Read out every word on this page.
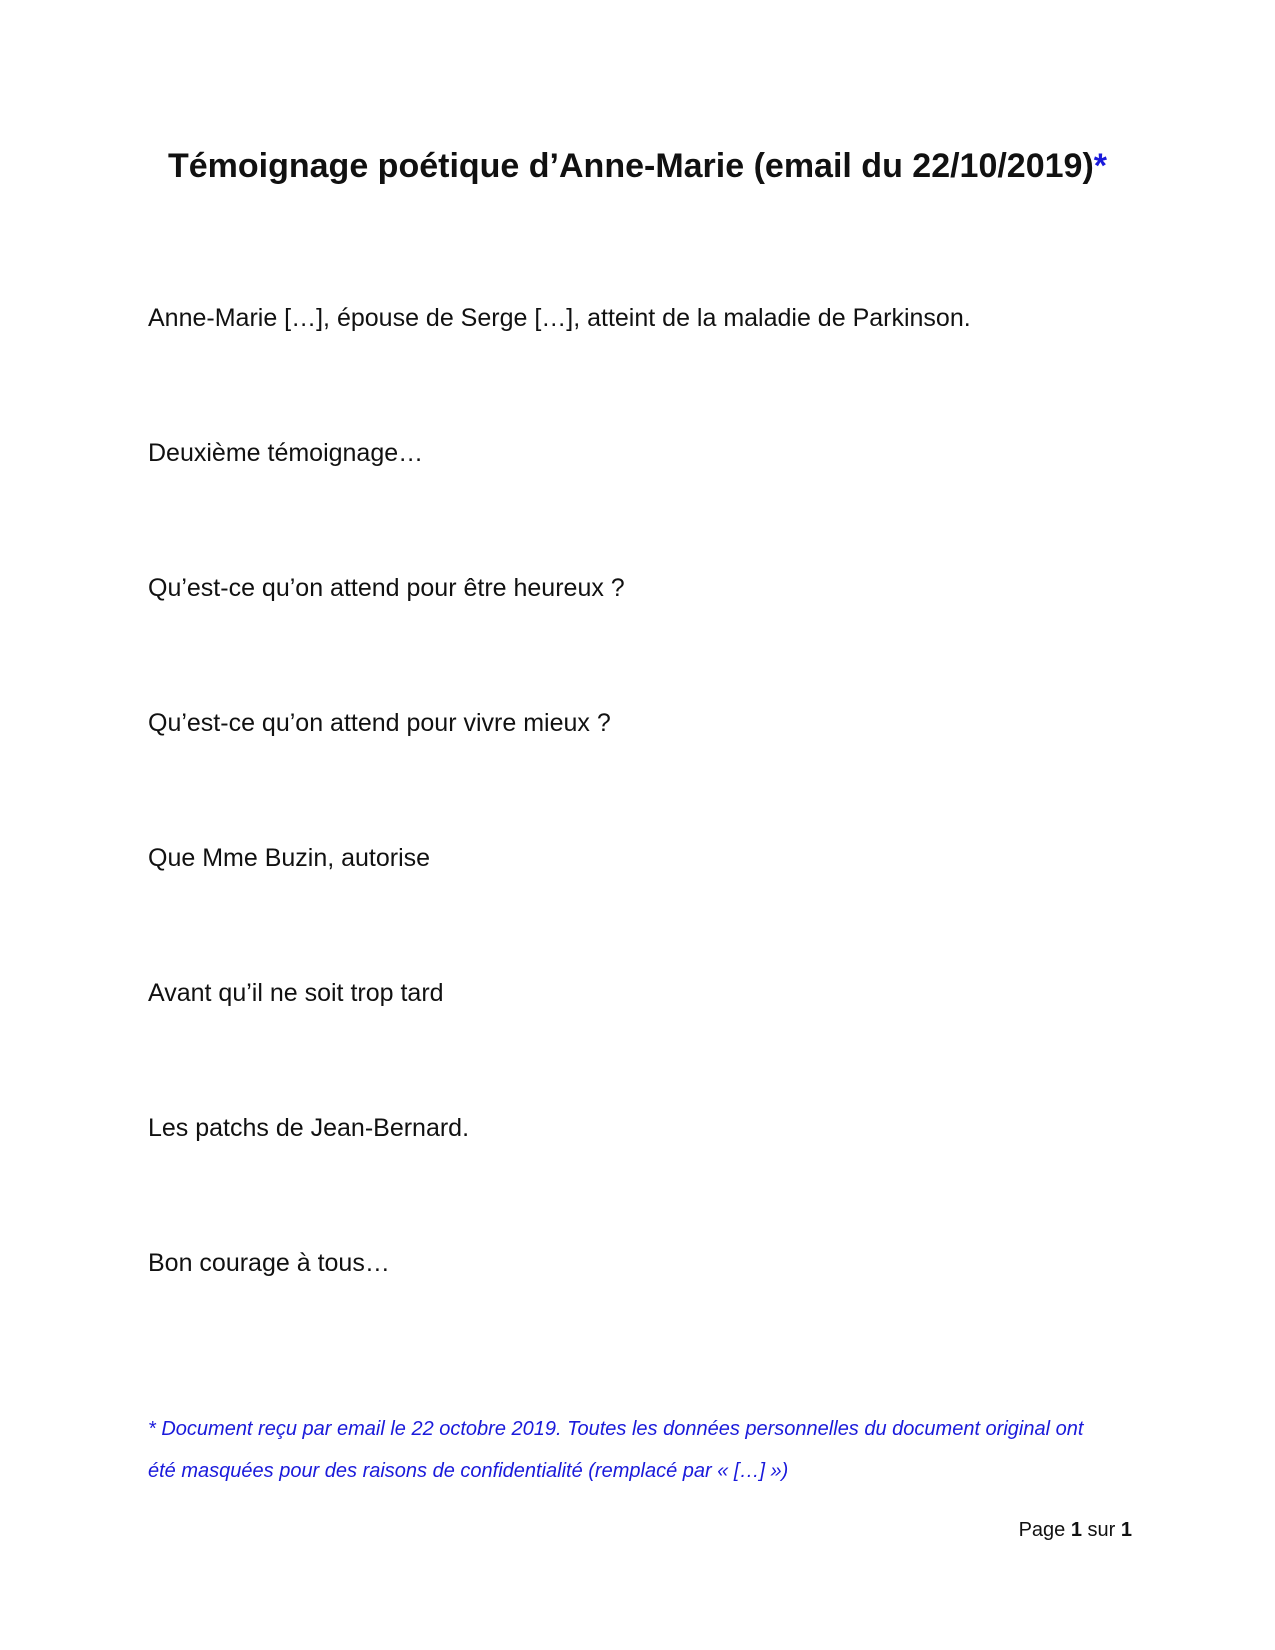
Témoignage poétique d’Anne-Marie (email du 22/10/2019)*
Anne-Marie […], épouse de Serge […], atteint de la maladie de Parkinson.
Deuxième témoignage…
Qu’est-ce qu’on attend pour être heureux ?
Qu’est-ce qu’on attend pour vivre mieux ?
Que Mme Buzin, autorise
Avant qu’il ne soit trop tard
Les patchs de Jean-Bernard.
Bon courage à tous…
* Document reçu par email le 22 octobre 2019. Toutes les données personnelles du document original ont
été masquées pour des raisons de confidentialité (remplacé par « […] »)
Page 1 sur 1
